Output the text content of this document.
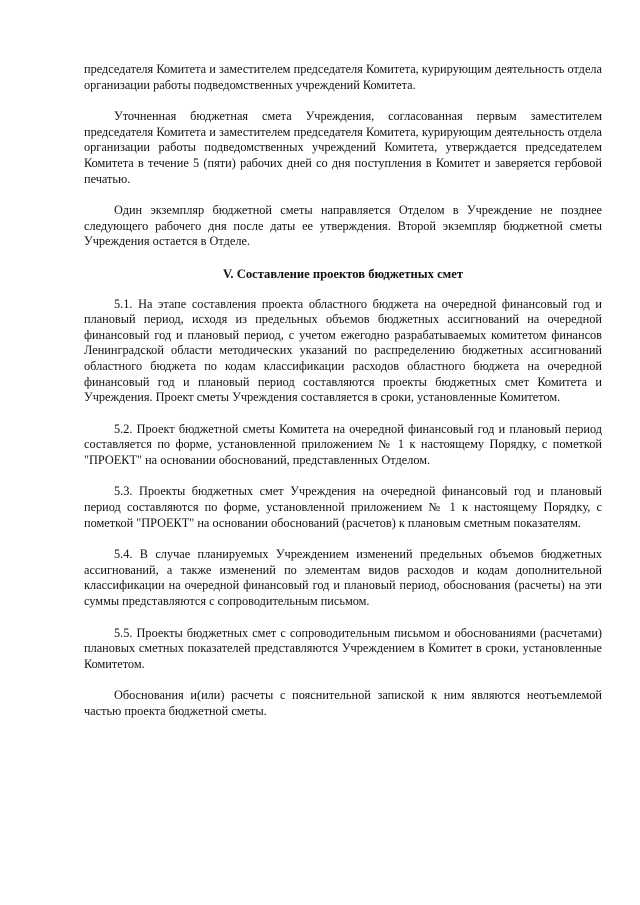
председателя Комитета и заместителем председателя Комитета, курирующим деятельность отдела организации работы подведомственных учреждений Комитета.

Уточненная бюджетная смета Учреждения, согласованная первым заместителем председателя Комитета и заместителем председателя Комитета, курирующим деятельность отдела организации работы подведомственных учреждений Комитета, утверждается председателем Комитета в течение 5 (пяти) рабочих дней со дня поступления в Комитет и заверяется гербовой печатью.

Один экземпляр бюджетной сметы направляется Отделом в Учреждение не позднее следующего рабочего дня после даты ее утверждения. Второй экземпляр бюджетной сметы Учреждения остается в Отделе.

V. Составление проектов бюджетных смет

5.1. На этапе составления проекта областного бюджета на очередной финансовый год и плановый период, исходя из предельных объемов бюджетных ассигнований на очередной финансовый год и плановый период, с учетом ежегодно разрабатываемых комитетом финансов Ленинградской области методических указаний по распределению бюджетных ассигнований областного бюджета по кодам классификации расходов областного бюджета на очередной финансовый год и плановый период составляются проекты бюджетных смет Комитета и Учреждения. Проект сметы Учреждения составляется в сроки, установленные Комитетом.

5.2. Проект бюджетной сметы Комитета на очередной финансовый год и плановый период составляется по форме, установленной приложением № 1 к настоящему Порядку, с пометкой "ПРОЕКТ" на основании обоснований, представленных Отделом.

5.3. Проекты бюджетных смет Учреждения на очередной финансовый год и плановый период составляются по форме, установленной приложением № 1 к настоящему Порядку, с пометкой "ПРОЕКТ" на основании обоснований (расчетов) к плановым сметным показателям.

5.4. В случае планируемых Учреждением изменений предельных объемов бюджетных ассигнований, а также изменений по элементам видов расходов и кодам дополнительной классификации на очередной финансовый год и плановый период, обоснования (расчеты) на эти суммы представляются с сопроводительным письмом.

5.5. Проекты бюджетных смет с сопроводительным письмом и обоснованиями (расчетами) плановых сметных показателей представляются Учреждением в Комитет в сроки, установленные Комитетом.

Обоснования и(или) расчеты с пояснительной запиской к ним являются неотъемлемой частью проекта бюджетной сметы.
